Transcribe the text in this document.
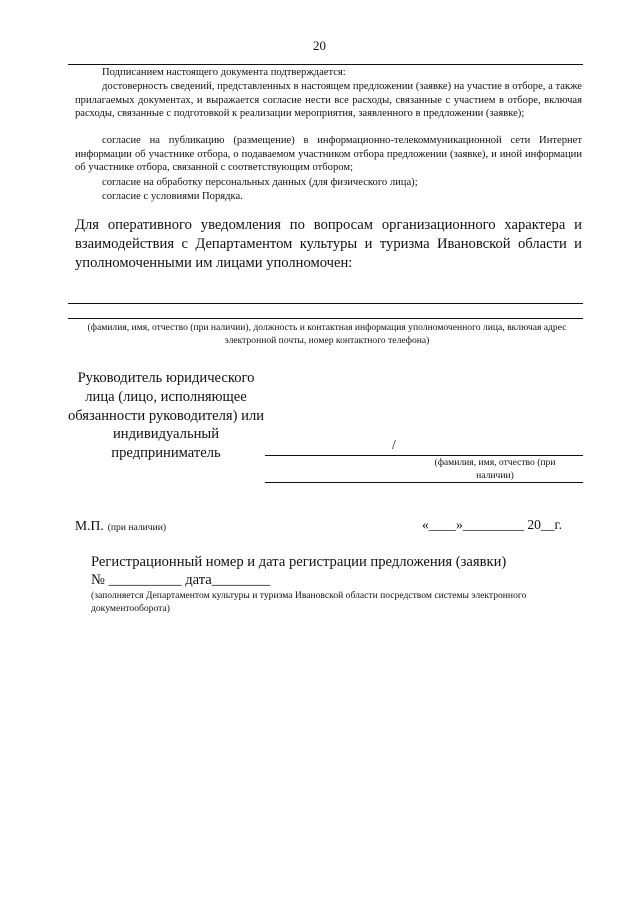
20
Подписанием настоящего документа подтверждается:
достоверность сведений, представленных в настоящем предложении (заявке) на участие в отборе, а также прилагаемых документах, и выражается согласие нести все расходы, связанные с участием в отборе, включая расходы, связанные с подготовкой к реализации мероприятия, заявленного в предложении (заявке);
согласие на публикацию (размещение) в информационно-телекоммуникационной сети Интернет информации об участнике отбора, о подаваемом участником отбора предложении (заявке), и иной информации об участнике отбора, связанной с соответствующим отбором;
согласие на обработку персональных данных (для физического лица);
согласие с условиями Порядка.
Для оперативного уведомления по вопросам организационного характера и взаимодействия с Департаментом культуры и туризма Ивановской области и уполномоченными им лицами уполномочен:
(фамилия, имя, отчество (при наличии), должность и контактная информация уполномоченного лица, включая адрес электронной почты, номер контактного телефона)
Руководитель юридического лица (лицо, исполняющее обязанности руководителя) или индивидуальный предприниматель
/
(фамилия, имя, отчество (при наличии)
М.П. (при наличии)	«____»_________ 20__г.
Регистрационный номер и дата регистрации предложения (заявки)
№ __________ дата________
(заполняется Департаментом культуры и туризма Ивановской области посредством системы электронного документооборота)
